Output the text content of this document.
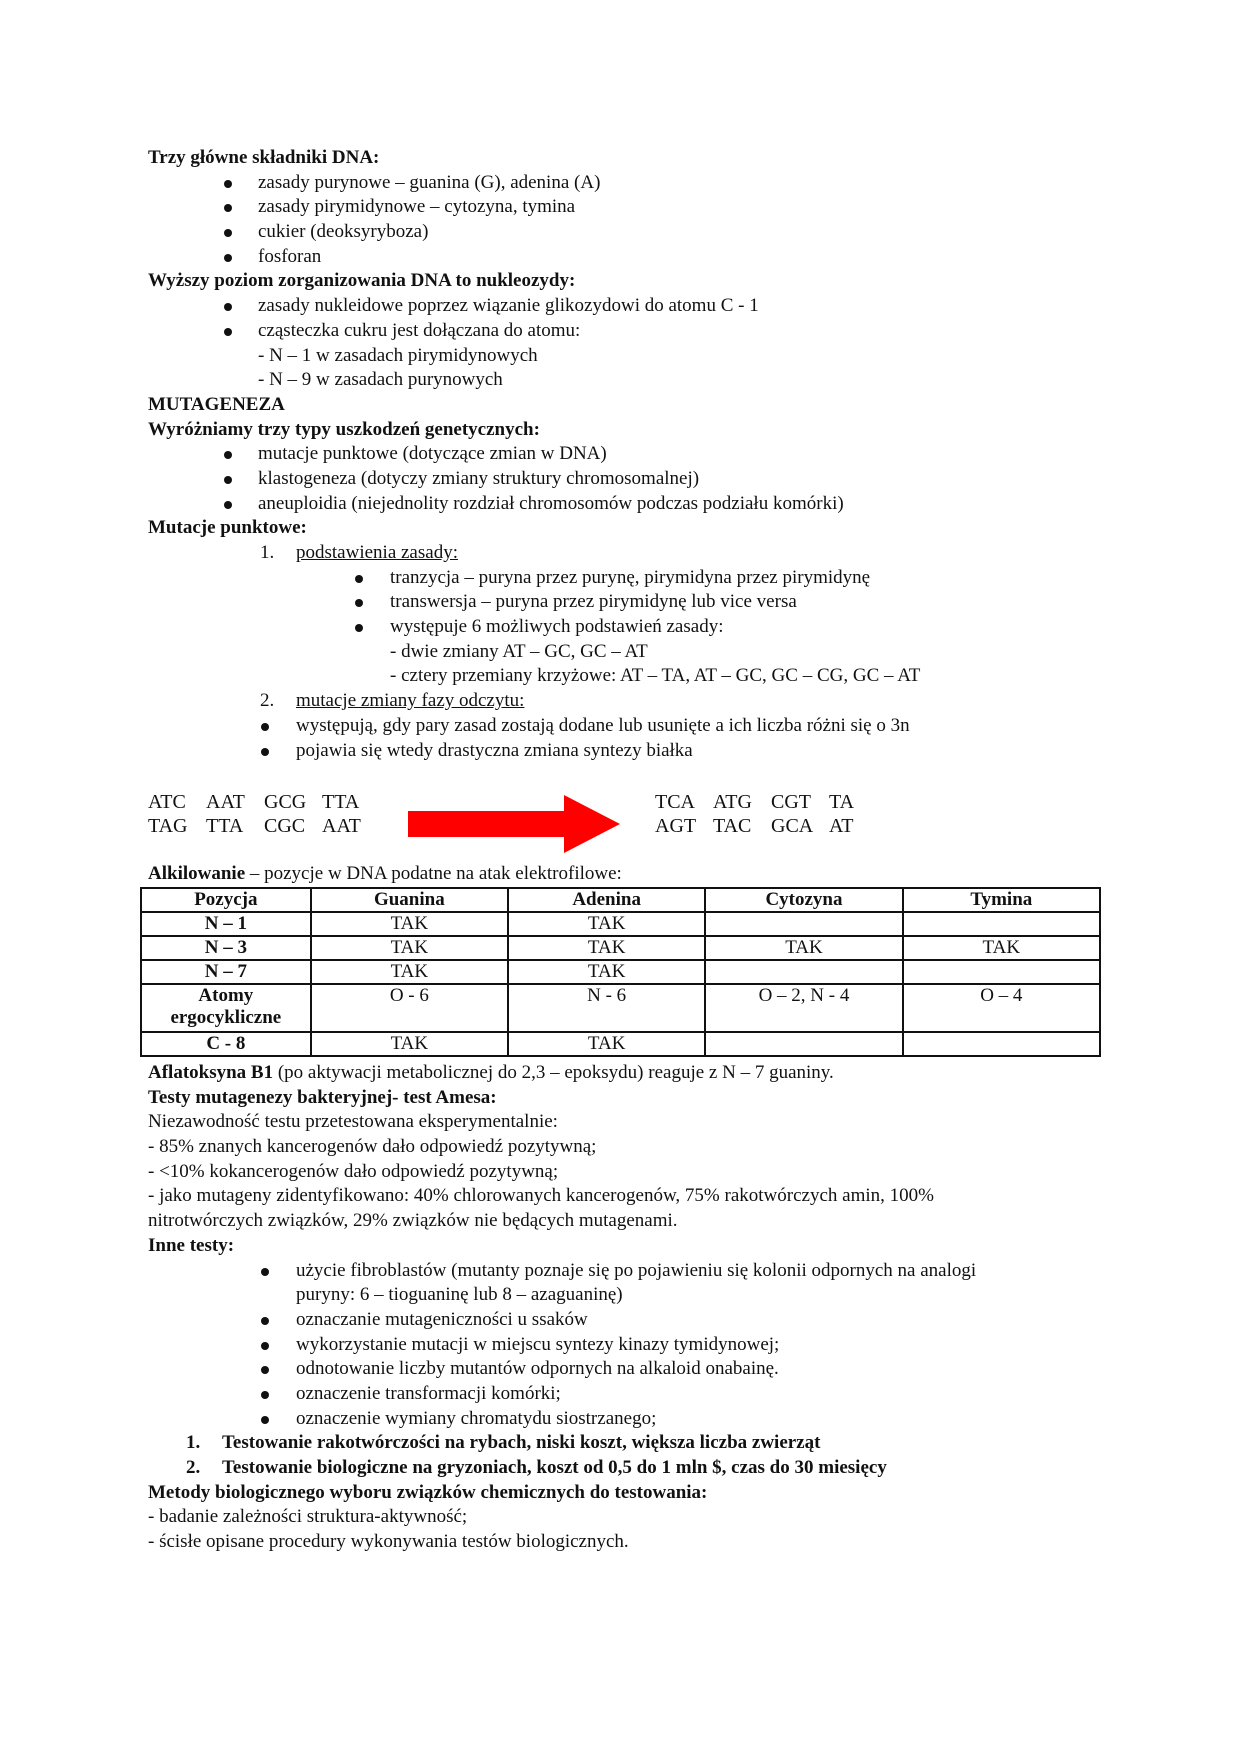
Trzy główne składniki DNA:
zasady purynowe – guanina (G), adenina (A)
zasady pirymidynowe – cytozyna, tymina
cukier (deoksyryboza)
fosforan
Wyższy poziom zorganizowania DNA to nukleozydy:
zasady nukleidowe poprzez wiązanie glikozydowi do atomu C - 1
cząsteczka cukru jest dołączana do atomu:
- N – 1 w zasadach pirymidynowych
- N – 9 w zasadach purynowych
MUTAGENEZA
Wyróżniamy trzy typy uszkodzeń genetycznych:
mutacje punktowe (dotyczące zmian w DNA)
klastogeneza (dotyczy zmiany struktury chromosomalnej)
aneuploidia (niejednolity rozdział chromosomów podczas podziału komórki)
Mutacje punktowe:
1. podstawienia zasady:
tranzycja – puryna przez purynę, pirymidyna przez pirymidynę
transwersja – puryna przez pirymidynę lub vice versa
występuje 6 możliwych podstawień zasady:
- dwie zmiany AT – GC, GC – AT
- cztery przemiany krzyżowe: AT – TA, AT – GC, GC – CG, GC – AT
2. mutacje zmiany fazy odczytu:
występują, gdy pary zasad zostają dodane lub usunięte a ich liczba różni się o 3n
pojawia się wtedy drastyczna zmiana syntezy białka
ATC AAT GCG TTA
TAG TTA CGC AAT
TCA ATG CGT TA
AGT TAC GCA AT
Alkilowanie – pozycje w DNA podatne na atak elektrofilowe:
Pozycja	Guanina	Adenina	Cytozyna	Tymina
N – 1	TAK	TAK		
N – 3	TAK	TAK	TAK	TAK
N – 7	TAK	TAK		
Atomy ergocykliczne	O - 6	N - 6	O – 2, N - 4	O – 4
C - 8	TAK	TAK		
Aflatoksyna B1 (po aktywacji metabolicznej do 2,3 – epoksydu) reaguje z N – 7 guaniny.
Testy mutagenezy bakteryjnej- test Amesa:
Niezawodność testu przetestowana eksperymentalnie:
- 85% znanych kancerogenów dało odpowiedź pozytywną;
- <10% kokancerogenów dało odpowiedź pozytywną;
- jako mutageny zidentyfikowano: 40% chlorowanych kancerogenów, 75% rakotwórczych amin, 100%
nitrotwórczych związków, 29% związków nie będących mutagenami.
Inne testy:
użycie fibroblastów (mutanty poznaje się po pojawieniu się kolonii odpornych na analogi
puryny: 6 – tioguaninę lub 8 – azaguaninę)
oznaczanie mutageniczności u ssaków
wykorzystanie mutacji w miejscu syntezy kinazy tymidynowej;
odnotowanie liczby mutantów odpornych na alkaloid onabainę.
oznaczenie transformacji komórki;
oznaczenie wymiany chromatydu siostrzanego;
1. Testowanie rakotwórczości na rybach, niski koszt, większa liczba zwierząt
2. Testowanie biologiczne na gryzoniach, koszt od 0,5 do 1 mln $, czas do 30 miesięcy
Metody biologicznego wyboru związków chemicznych do testowania:
- badanie zależności struktura-aktywność;
- ścisłe opisane procedury wykonywania testów biologicznych.
